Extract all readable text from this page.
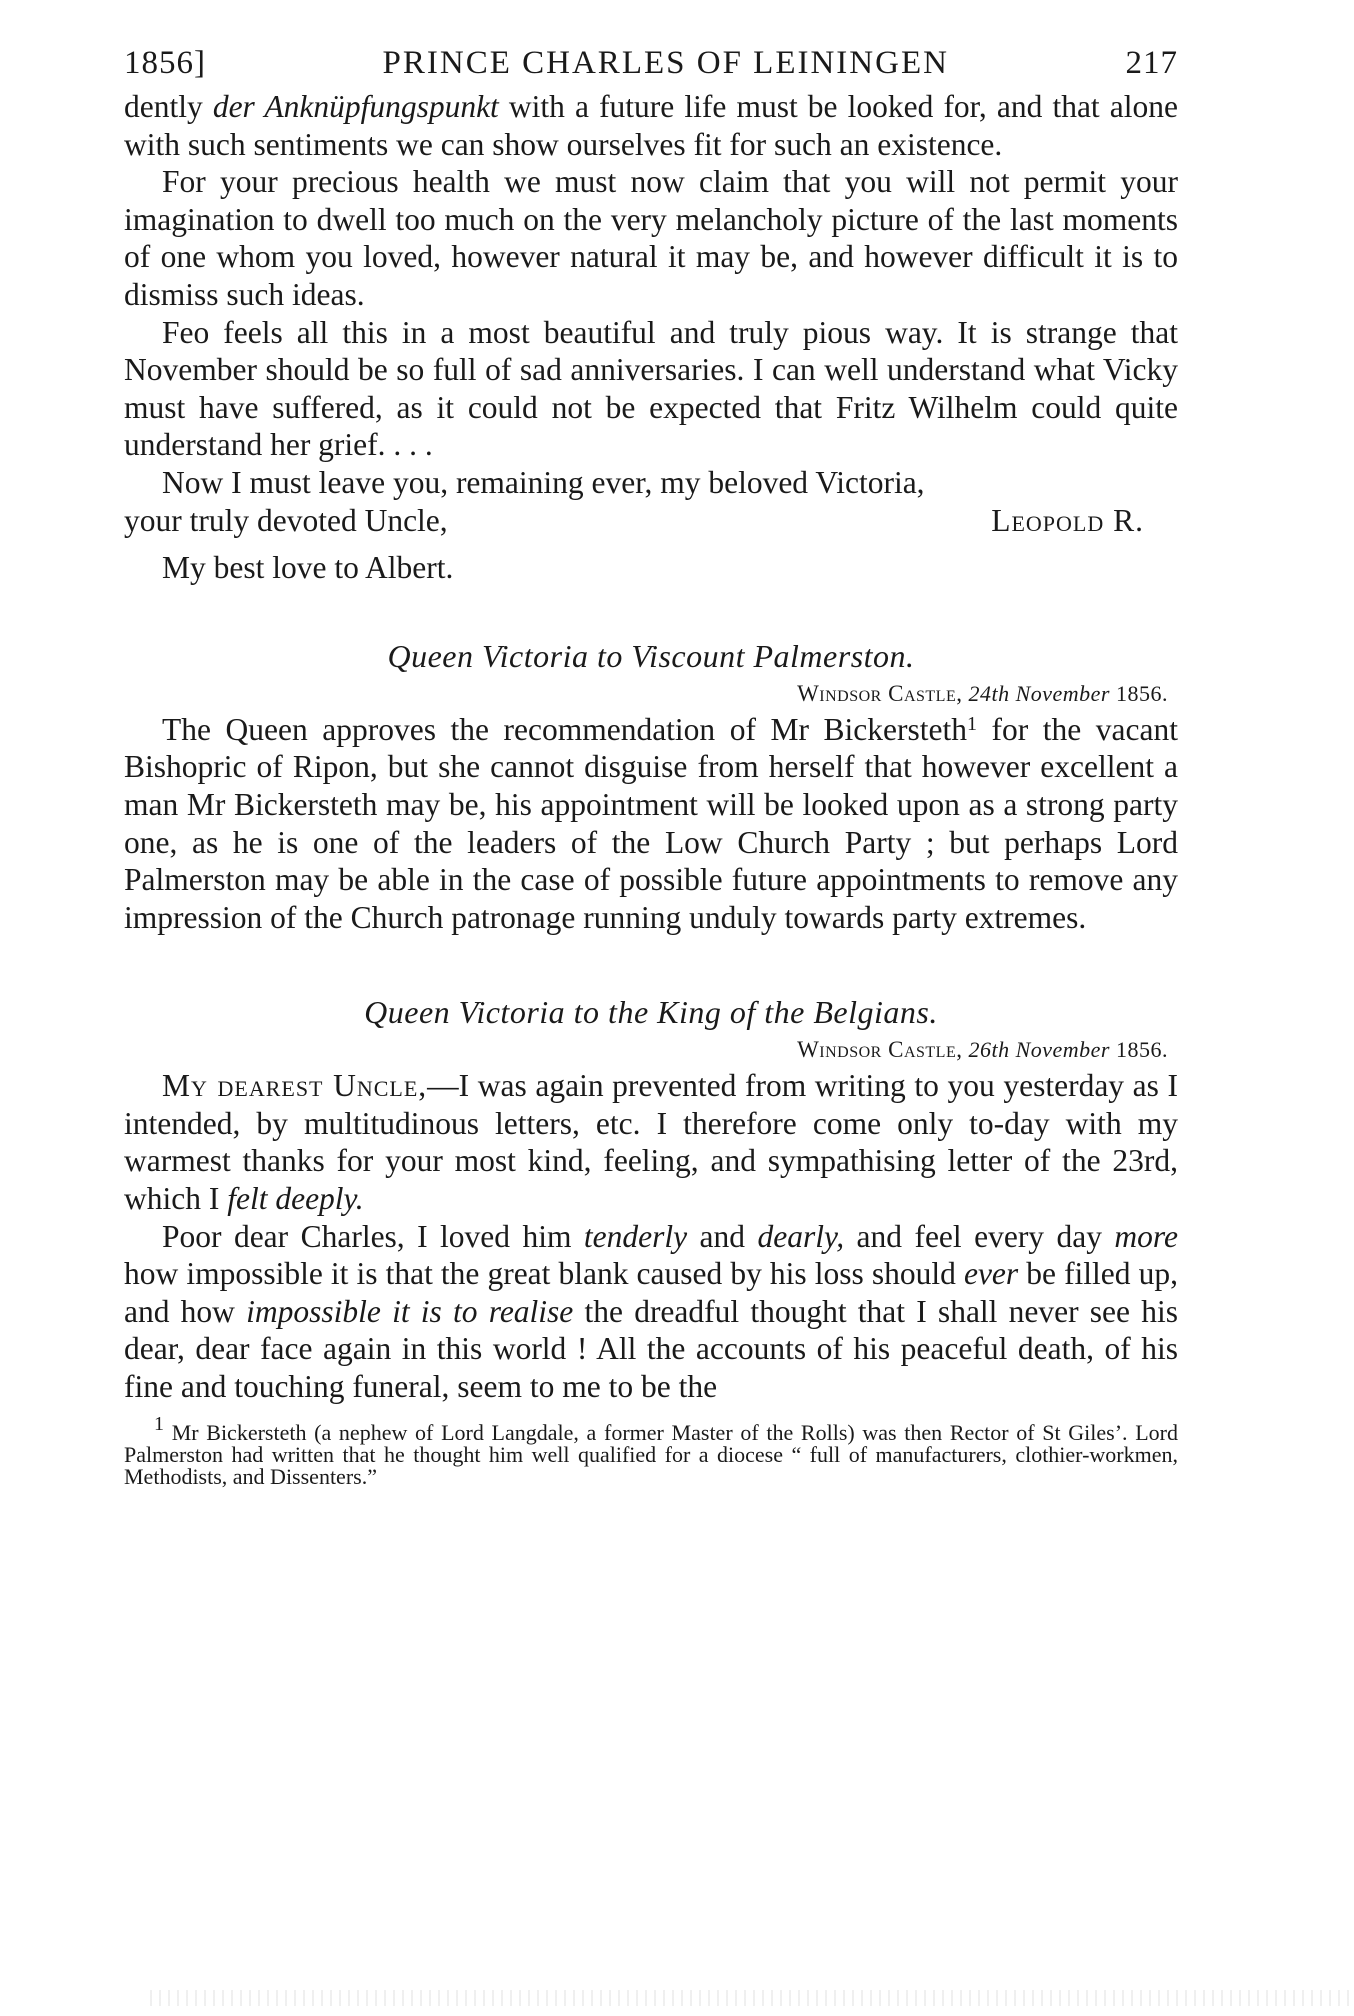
1856]	PRINCE CHARLES OF LEININGEN	217

dently der Anknüpfungspunkt with a future life must be looked for, and that alone with such sentiments we can show ourselves fit for such an existence.

For your precious health we must now claim that you will not permit your imagination to dwell too much on the very melancholy picture of the last moments of one whom you loved, however natural it may be, and however difficult it is to dismiss such ideas.

Feo feels all this in a most beautiful and truly pious way. It is strange that November should be so full of sad anniversaries. I can well understand what Vicky must have suffered, as it could not be expected that Fritz Wilhelm could quite understand her grief. . . .

Now I must leave you, remaining ever, my beloved Victoria,

your truly devoted Uncle,	Leopold R.

My best love to Albert.

Queen Victoria to Viscount Palmerston.

Windsor Castle, 24th November 1856.

The Queen approves the recommendation of Mr Bickersteth$^1$ for the vacant Bishopric of Ripon, but she cannot disguise from herself that however excellent a man Mr Bickersteth may be, his appointment will be looked upon as a strong party one, as he is one of the leaders of the Low Church Party ; but perhaps Lord Palmerston may be able in the case of possible future appointments to remove any impression of the Church patronage running unduly towards party extremes.

Queen Victoria to the King of the Belgians.

Windsor Castle, 26th November 1856.

My dearest Uncle,—I was again prevented from writing to you yesterday as I intended, by multitudinous letters, etc. I therefore come only to-day with my warmest thanks for your most kind, feeling, and sympathising letter of the 23rd, which I felt deeply.

Poor dear Charles, I loved him tenderly and dearly, and feel every day more how impossible it is that the great blank caused by his loss should ever be filled up, and how impossible it is to realise the dreadful thought that I shall never see his dear, dear face again in this world ! All the accounts of his peaceful death, of his fine and touching funeral, seem to me to be the

$^1$ Mr Bickersteth (a nephew of Lord Langdale, a former Master of the Rolls) was then Rector of St Giles’. Lord Palmerston had written that he thought him well qualified for a diocese “ full of manufacturers, clothier-workmen, Methodists, and Dissenters.”
